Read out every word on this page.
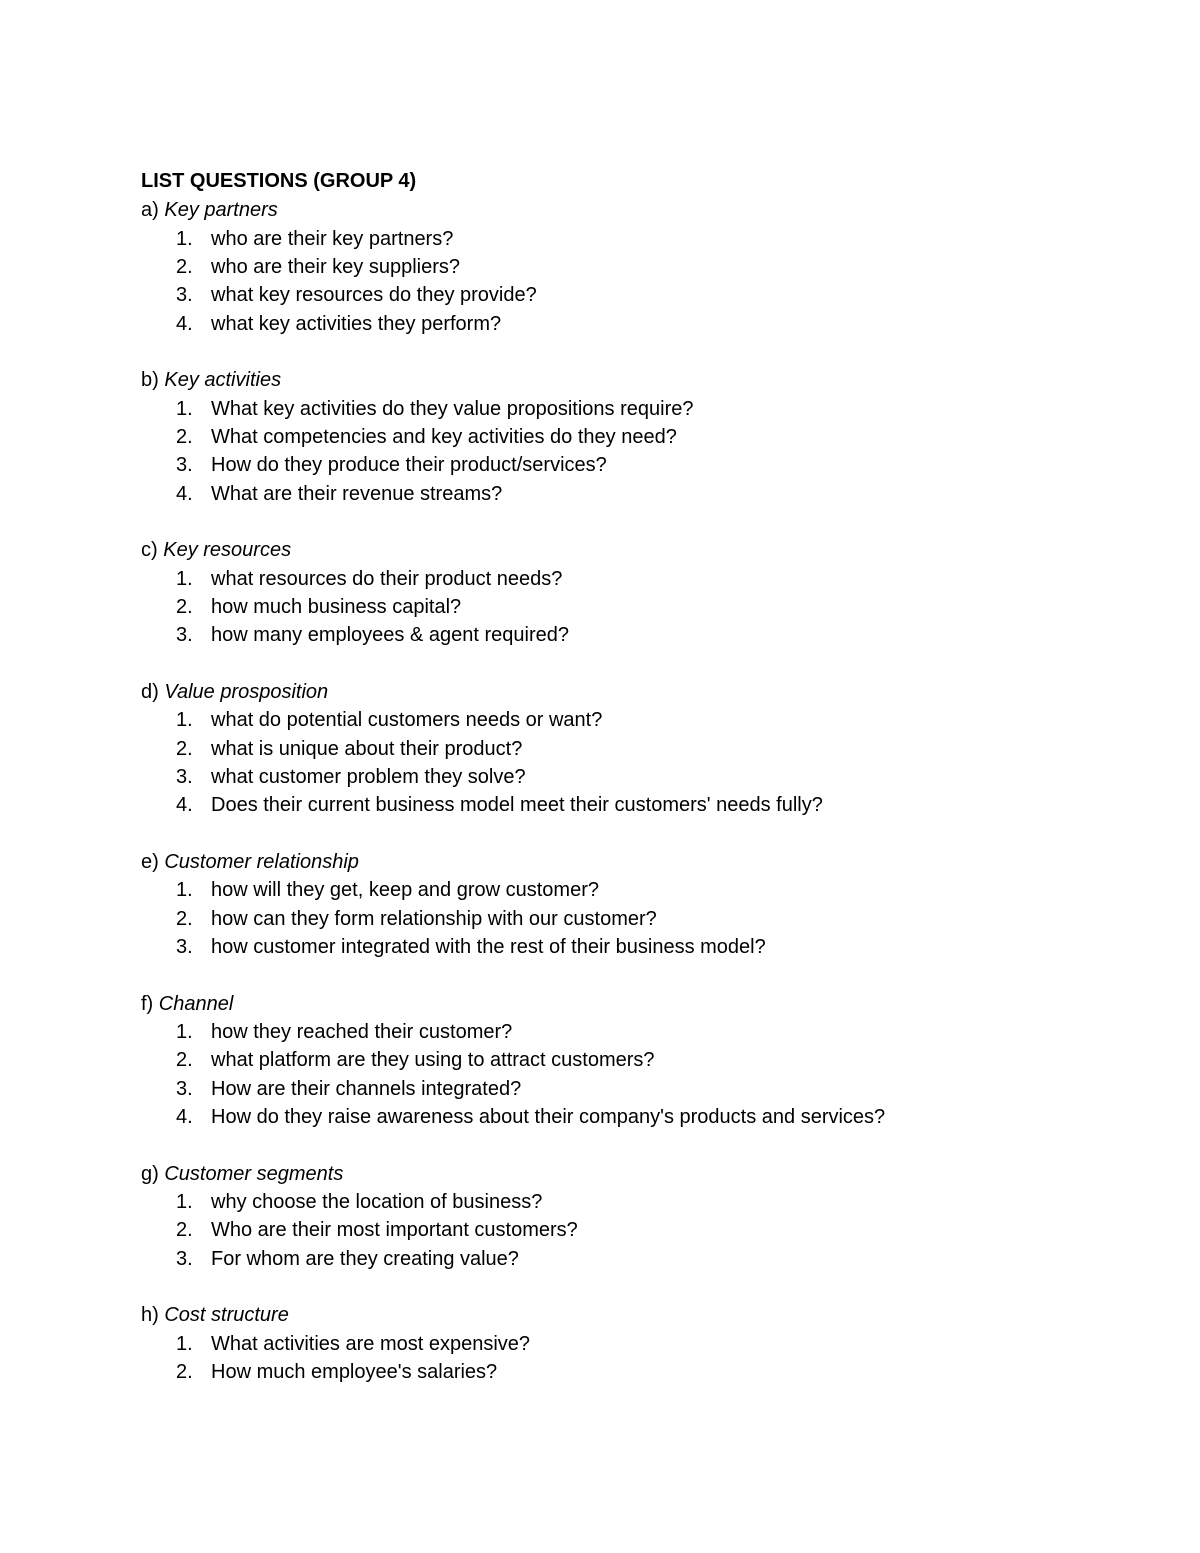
LIST QUESTIONS (GROUP 4)
a) Key partners
1. who are their key partners?
2. who are their key suppliers?
3. what key resources do they provide?
4. what key activities they perform?
b) Key activities
1. What key activities do they value propositions require?
2. What competencies and key activities do they need?
3. How do they produce their product/services?
4. What are their revenue streams?
c) Key resources
1. what resources do their product needs?
2. how much business capital?
3. how many employees & agent required?
d) Value prosposition
1. what do potential customers needs or want?
2. what is unique about their product?
3. what customer problem they solve?
4. Does their current business model meet their customers' needs fully?
e) Customer relationship
1. how will they get, keep and grow customer?
2. how can they form relationship with our customer?
3. how customer integrated with the rest of their business model?
f) Channel
1. how they reached their customer?
2. what platform are they using to attract customers?
3. How are their channels integrated?
4. How do they raise awareness about their company's products and services?
g) Customer segments
1. why choose the location of business?
2. Who are their most important customers?
3. For whom are they creating value?
h) Cost structure
1. What activities are most expensive?
2. How much employee's salaries?
